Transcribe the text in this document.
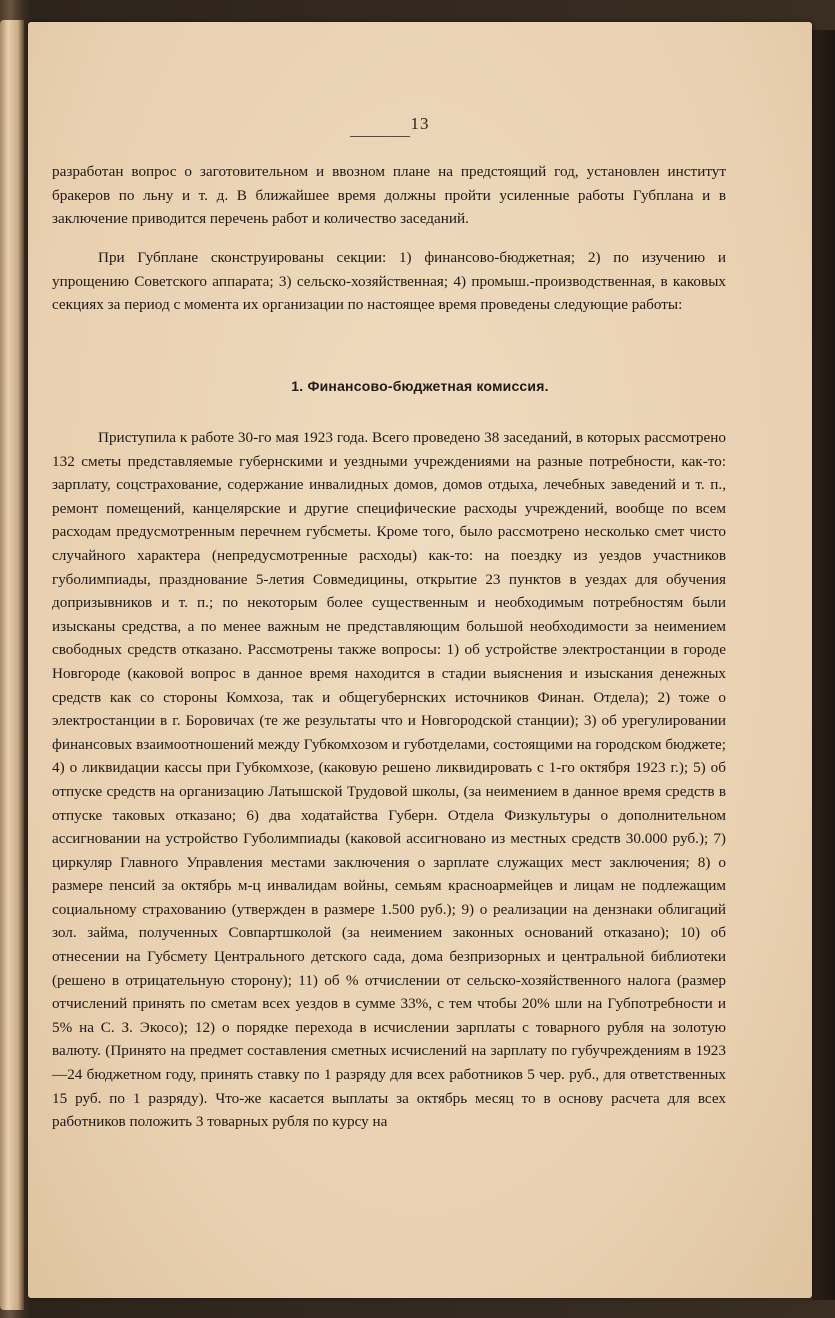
13

разработан вопрос о заготовительном и ввозном плане на предстоящий год, установлен институт бракеров по льну и т. д. В ближайшее время должны пройти усиленные работы Губплана и в заключение приводится перечень работ и количество заседаний.

При Губплане сконструированы секции: 1) финансово-бюджетная; 2) по изучению и упрощению Советского аппарата; 3) сельско-хозяйственная; 4) промыш.-производственная, в каковых секциях за период с момента их организации по настоящее время проведены следующие работы:

1. Финансово-бюджетная комиссия.

Приступила к работе 30-го мая 1923 года. Всего проведено 38 заседаний, в которых рассмотрено 132 сметы представляемые губернскими и уездными учреждениями на разные потребности, как-то: зарплату, соцстрахование, содержание инвалидных домов, домов отдыха, лечебных заведений и т. п., ремонт помещений, канцелярские и другие специфические расходы учреждений, вообще по всем расходам предусмотренным перечнем губсметы. Кроме того, было рассмотрено несколько смет чисто случайного характера (непредусмотренные расходы) как-то: на поездку из уездов участников губолимпиады, празднование 5-летия Совмедицины, открытие 23 пунктов в уездах для обучения допризывников и т. п.; по некоторым более существенным и необходимым потребностям были изысканы средства, а по менее важным не представляющим большой необходимости за неимением свободных средств отказано. Рассмотрены также вопросы: 1) об устройстве электростанции в городе Новгороде (каковой вопрос в данное время находится в стадии выяснения и изыскания денежных средств как со стороны Комхоза, так и общегубернских источников Финан. Отдела); 2) тоже о электростанции в г. Боровичах (те же результаты что и Новгородской станции); 3) об урегулировании финансовых взаимоотношений между Губкомхозом и губотделами, состоящими на городском бюджете; 4) о ликвидации кассы при Губкомхозе, (каковую решено ликвидировать с 1-го октября 1923 г.); 5) об отпуске средств на организацию Латышской Трудовой школы, (за неимением в данное время средств в отпуске таковых отказано; 6) два ходатайства Губерн. Отдела Физкультуры о дополнительном ассигновании на устройство Губолимпиады (каковой ассигновано из местных средств 30.000 руб.); 7) циркуляр Главного Управления местами заключения о зарплате служащих мест заключения; 8) о размере пенсий за октябрь м-ц инвалидам войны, семьям красноармейцев и лицам не подлежащим социальному страхованию (утвержден в размере 1.500 руб.); 9) о реализации на дензнаки облигаций зол. займа, полученных Совпартшколой (за неимением законных оснований отказано); 10) об отнесении на Губсмету Центрального детского сада, дома безпризорных и центральной библиотеки (решено в отрицательную сторону); 11) об % отчислении от сельско-хозяйственного налога (размер отчислений принять по сметам всех уездов в сумме 33%, с тем чтобы 20% шли на Губпотребности и 5% на С. З. Экосо); 12) о порядке перехода в исчислении зарплаты с товарного рубля на золотую валюту. (Принято на предмет составления сметных исчислений на зарплату по губучреждениям в 1923—24 бюджетном году, принять ставку по 1 разряду для всех работников 5 чер. руб., для ответственных 15 руб. по 1 разряду). Что-же касается выплаты за октябрь месяц то в основу расчета для всех работников положить 3 товарных рубля по курсу на
